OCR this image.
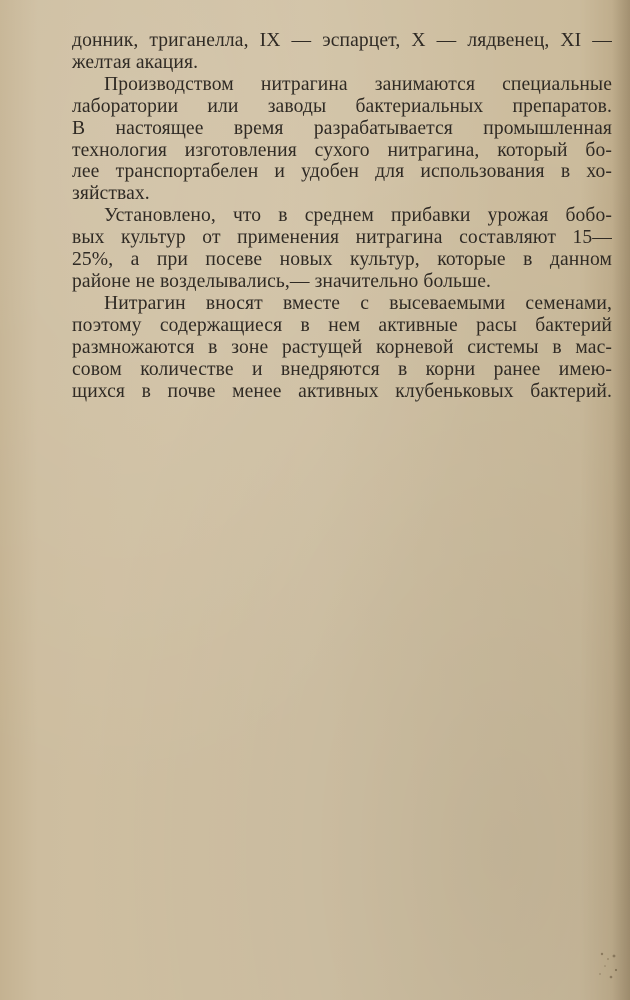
донник, триганелла, IX — эспарцет, X — лядвенец, XI —
желтая акация.
Производством нитрагина занимаются специальные
лаборатории или заводы бактериальных препаратов.
В настоящее время разрабатывается промышленная
технология изготовления сухого нитрагина, который бо-
лее транспортабелен и удобен для использования в хо-
зяйствах.
Установлено, что в среднем прибавки урожая бобо-
вых культур от применения нитрагина составляют 15—
25%, а при посеве новых культур, которые в данном
районе не возделывались,— значительно больше.
Нитрагин вносят вместе с высеваемыми семенами,
поэтому содержащиеся в нем активные расы бактерий
размножаются в зоне растущей корневой системы в мас-
совом количестве и внедряются в корни ранее имею-
щихся в почве менее активных клубеньковых бактерий.
